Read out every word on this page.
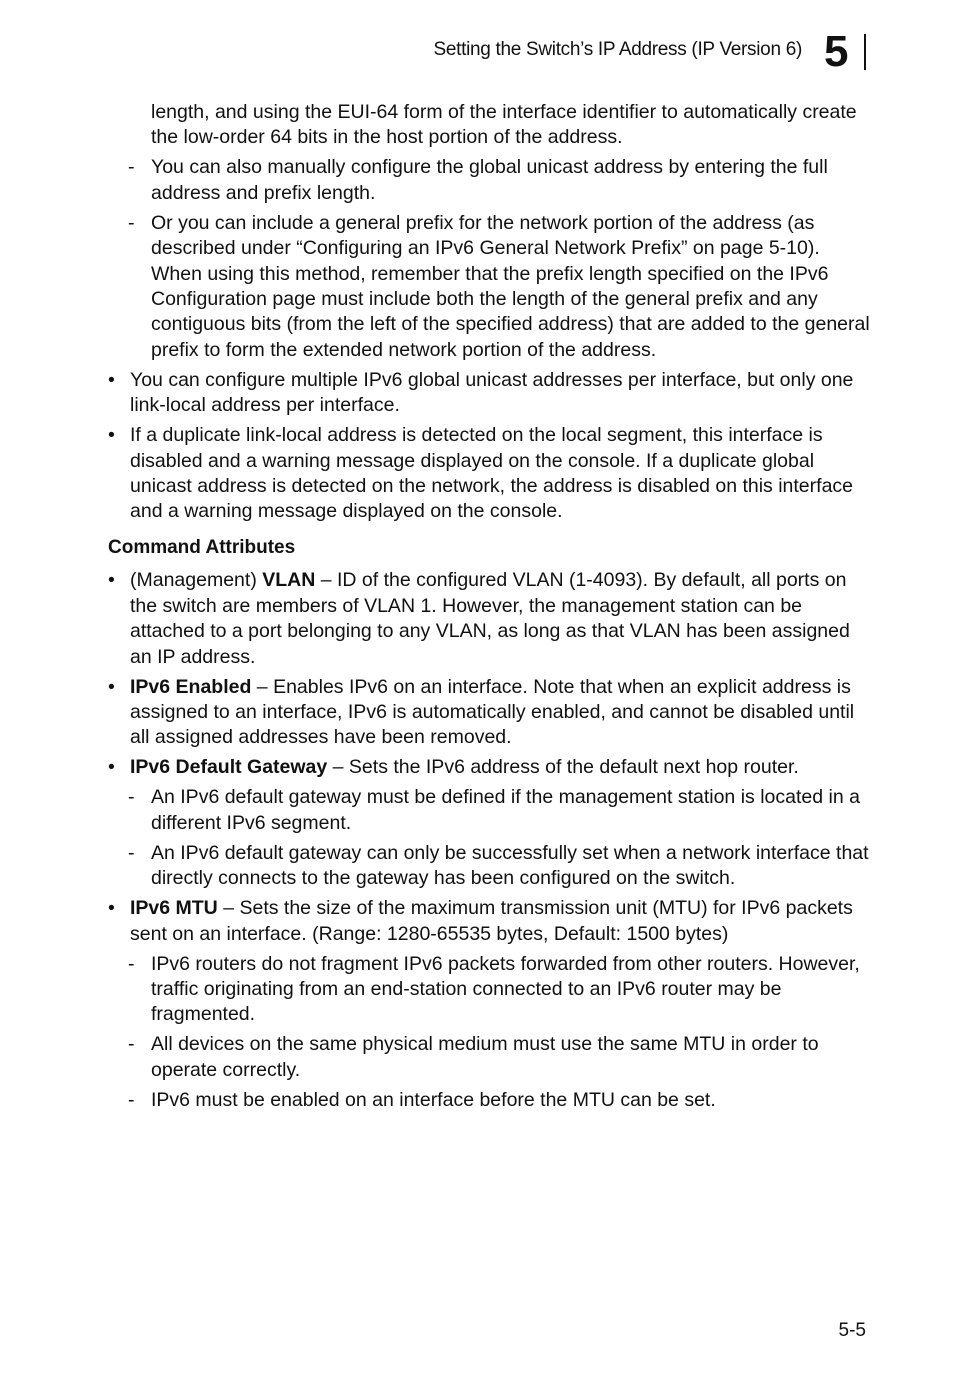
Setting the Switch’s IP Address (IP Version 6) 5

length, and using the EUI-64 form of the interface identifier to automatically create the low-order 64 bits in the host portion of the address.

- You can also manually configure the global unicast address by entering the full address and prefix length.

- Or you can include a general prefix for the network portion of the address (as described under “Configuring an IPv6 General Network Prefix” on page 5-10). When using this method, remember that the prefix length specified on the IPv6 Configuration page must include both the length of the general prefix and any contiguous bits (from the left of the specified address) that are added to the general prefix to form the extended network portion of the address.

• You can configure multiple IPv6 global unicast addresses per interface, but only one link-local address per interface.

• If a duplicate link-local address is detected on the local segment, this interface is disabled and a warning message displayed on the console. If a duplicate global unicast address is detected on the network, the address is disabled on this interface and a warning message displayed on the console.

Command Attributes
• (Management) VLAN – ID of the configured VLAN (1-4093). By default, all ports on the switch are members of VLAN 1. However, the management station can be attached to a port belonging to any VLAN, as long as that VLAN has been assigned an IP address.

• IPv6 Enabled – Enables IPv6 on an interface. Note that when an explicit address is assigned to an interface, IPv6 is automatically enabled, and cannot be disabled until all assigned addresses have been removed.

• IPv6 Default Gateway – Sets the IPv6 address of the default next hop router.

- An IPv6 default gateway must be defined if the management station is located in a different IPv6 segment.

- An IPv6 default gateway can only be successfully set when a network interface that directly connects to the gateway has been configured on the switch.

• IPv6 MTU – Sets the size of the maximum transmission unit (MTU) for IPv6 packets sent on an interface. (Range: 1280-65535 bytes, Default: 1500 bytes)

- IPv6 routers do not fragment IPv6 packets forwarded from other routers. However, traffic originating from an end-station connected to an IPv6 router may be fragmented.

- All devices on the same physical medium must use the same MTU in order to operate correctly.

- IPv6 must be enabled on an interface before the MTU can be set.

5-5
